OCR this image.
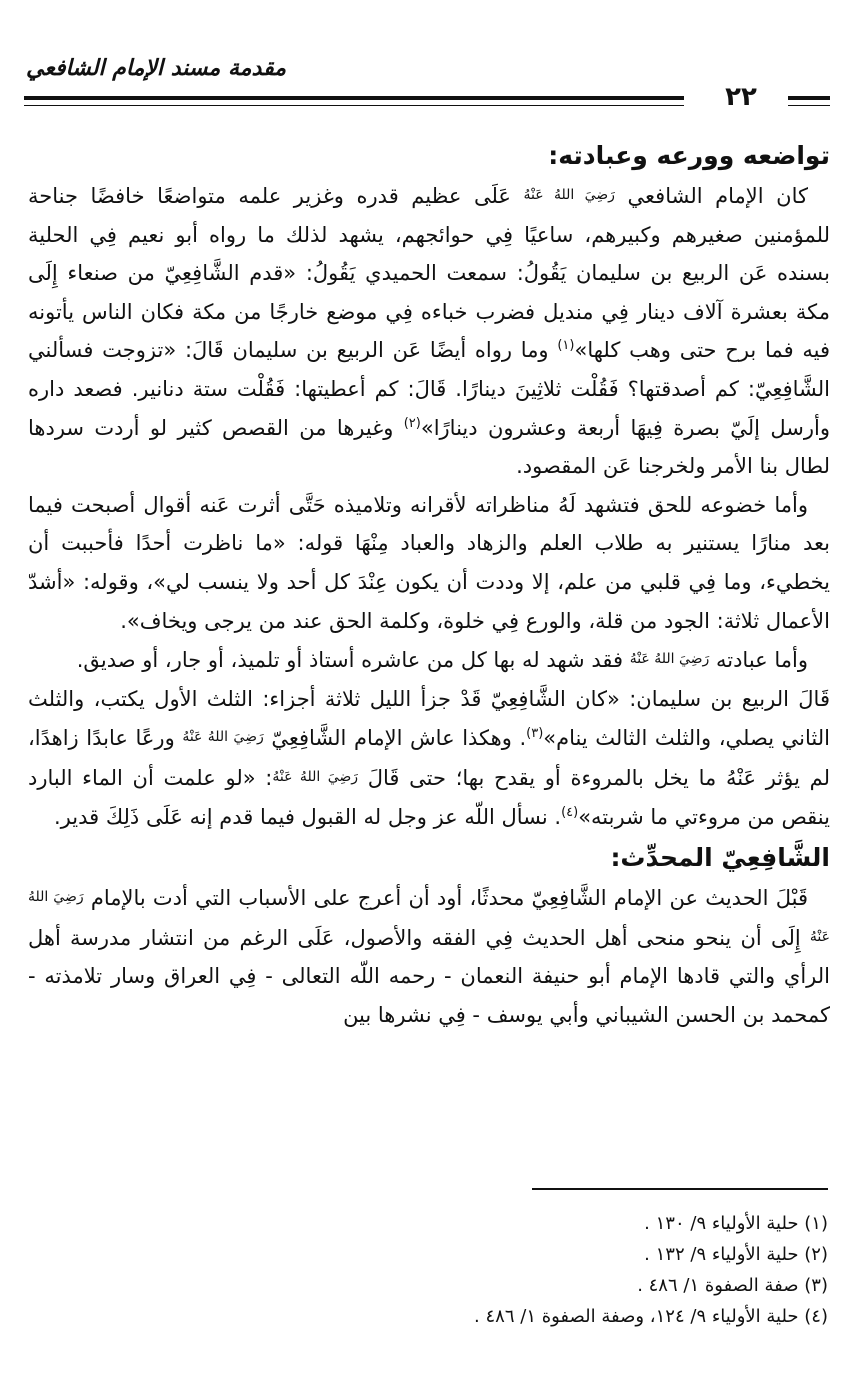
مقدمة مسند الإمام الشافعي
٢٢
تواضعه وورعه وعبادته:

كان الإمام الشافعي رَضِيَ اللهُ عَنْهُ عَلَى عظيم قدره وغزير علمه متواضعًا خافضًا جناحة للمؤمنين صغيرهم وكبيرهم، ساعيًا فِي حوائجهم، يشهد لذلك ما رواه أبو نعيم فِي الحلية بسنده عَن الربيع بن سليمان يَقُولُ: سمعت الحميدي يَقُولُ: «قدم الشَّافِعِيّ من صنعاء إِلَى مكة بعشرة آلاف دينار فِي منديل فضرب خباءه فِي موضع خارجًا من مكة فكان الناس يأتونه فيه فما برح حتى وهب كلها»$^{(١)}$ وما رواه أيضًا عَن الربيع بن سليمان قَالَ: «تزوجت فسألني الشَّافِعِيّ: كم أصدقتها؟ فَقُلْت ثلاثِينَ دينارًا. قَالَ: كم أعطيتها: فَقُلْت ستة دنانير. فصعد داره وأرسل إلَيّ بصرة فِيهَا أربعة وعشرون دينارًا»$^{(٢)}$ وغيرها من القصص كثير لو أردت سردها لطال بنا الأمر ولخرجنا عَن المقصود.

وأما خضوعه للحق فتشهد لَهُ مناظراته لأقرانه وتلاميذه حَتَّى أثرت عَنه أقوال أصبحت فيما بعد منارًا يستنير به طلاب العلم والزهاد والعباد مِنْهَا قوله: «ما ناظرت أحدًا فأحببت أن يخطيء، وما فِي قلبي من علم، إلا وددت أن يكون عِنْدَ كل أحد ولا ينسب لي»، وقوله: «أشدّ الأعمال ثلاثة: الجود من قلة، والورع فِي خلوة، وكلمة الحق عند من يرجى ويخاف».

وأما عبادته رَضِيَ اللهُ عَنْهُ فقد شهد له بها كل من عاشره أستاذ أو تلميذ، أو جار، أو صديق.

قَالَ الربيع بن سليمان: «كان الشَّافِعِيّ قَدْ جزأ الليل ثلاثة أجزاء: الثلث الأول يكتب، والثلث الثاني يصلي، والثلث الثالث ينام»$^{(٣)}$. وهكذا عاش الإمام الشَّافِعِيّ رَضِيَ اللهُ عَنْهُ ورعًا عابدًا زاهدًا، لم يؤثر عَنْهُ ما يخل بالمروءة أو يقدح بها؛ حتى قَالَ رَضِيَ اللهُ عَنْهُ: «لو علمت أن الماء البارد ينقص من مروءتي ما شربته»$^{(٤)}$. نسأل اللّه عز وجل له القبول فيما قدم إنه عَلَى ذَلِكَ قدير.

الشَّافِعِيّ المحدِّث:

قَبْلَ الحديث عن الإمام الشَّافِعِيّ محدثًا، أود أن أعرج على الأسباب التي أدت بالإمام رَضِيَ اللهُ عَنْهُ إِلَى أن ينحو منحى أهل الحديث فِي الفقه والأصول، عَلَى الرغم من انتشار مدرسة أهل الرأي والتي قادها الإمام أبو حنيفة النعمان - رحمه اللّه التعالى - فِي العراق وسار تلامذته - كمحمد بن الحسن الشيباني وأبي يوسف - فِي نشرها بين

(١) حلية الأولياء ٩/ ١٣٠ .

(٢) حلية الأولياء ٩/ ١٣٢ .

(٣) صفة الصفوة ١/ ٤٨٦ .

(٤) حلية الأولياء ٩/ ١٢٤، وصفة الصفوة ١/ ٤٨٦ .
